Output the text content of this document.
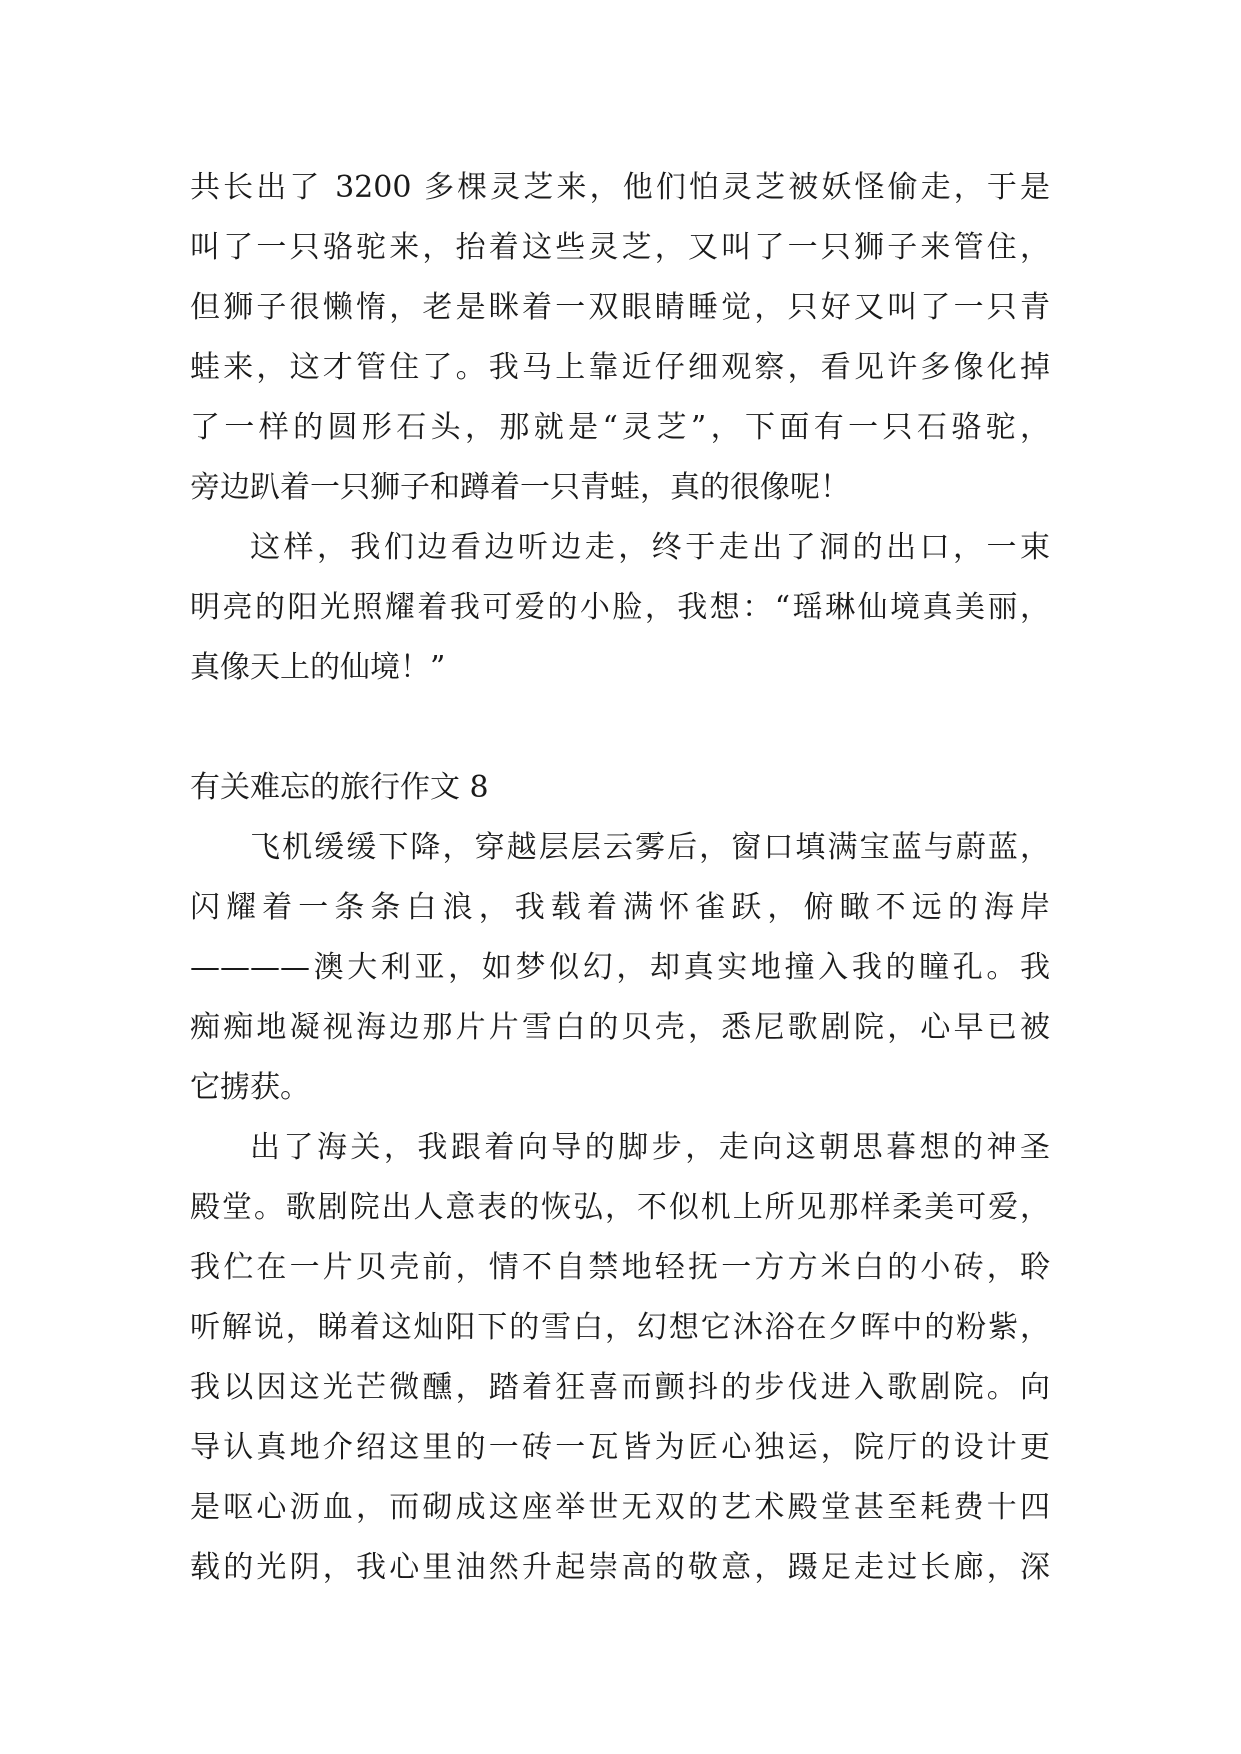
共长出了 3200 多棵灵芝来，他们怕灵芝被妖怪偷走，于是
叫了一只骆驼来，抬着这些灵芝，又叫了一只狮子来管住，
但狮子很懒惰，老是眯着一双眼睛睡觉，只好又叫了一只青
蛙来，这才管住了。我马上靠近仔细观察，看见许多像化掉
了一样的圆形石头，那就是“灵芝”，下面有一只石骆驼，
旁边趴着一只狮子和蹲着一只青蛙，真的很像呢！
这样，我们边看边听边走，终于走出了洞的出口，一束
明亮的阳光照耀着我可爱的小脸，我想：“瑶琳仙境真美丽，
真像天上的仙境！”
有关难忘的旅行作文 8
飞机缓缓下降，穿越层层云雾后，窗口填满宝蓝与蔚蓝，
闪耀着一条条白浪，我载着满怀雀跃，俯瞰不远的海岸
————澳大利亚，如梦似幻，却真实地撞入我的瞳孔。我
痴痴地凝视海边那片片雪白的贝壳，悉尼歌剧院，心早已被
它掳获。
出了海关，我跟着向导的脚步，走向这朝思暮想的神圣
殿堂。歌剧院出人意表的恢弘，不似机上所见那样柔美可爱，
我伫在一片贝壳前，情不自禁地轻抚一方方米白的小砖，聆
听解说，睇着这灿阳下的雪白，幻想它沐浴在夕晖中的粉紫，
我以因这光芒微醺，踏着狂喜而颤抖的步伐进入歌剧院。向
导认真地介绍这里的一砖一瓦皆为匠心独运，院厅的设计更
是呕心沥血，而砌成这座举世无双的艺术殿堂甚至耗费十四
载的光阴，我心里油然升起崇高的敬意，蹑足走过长廊，深
